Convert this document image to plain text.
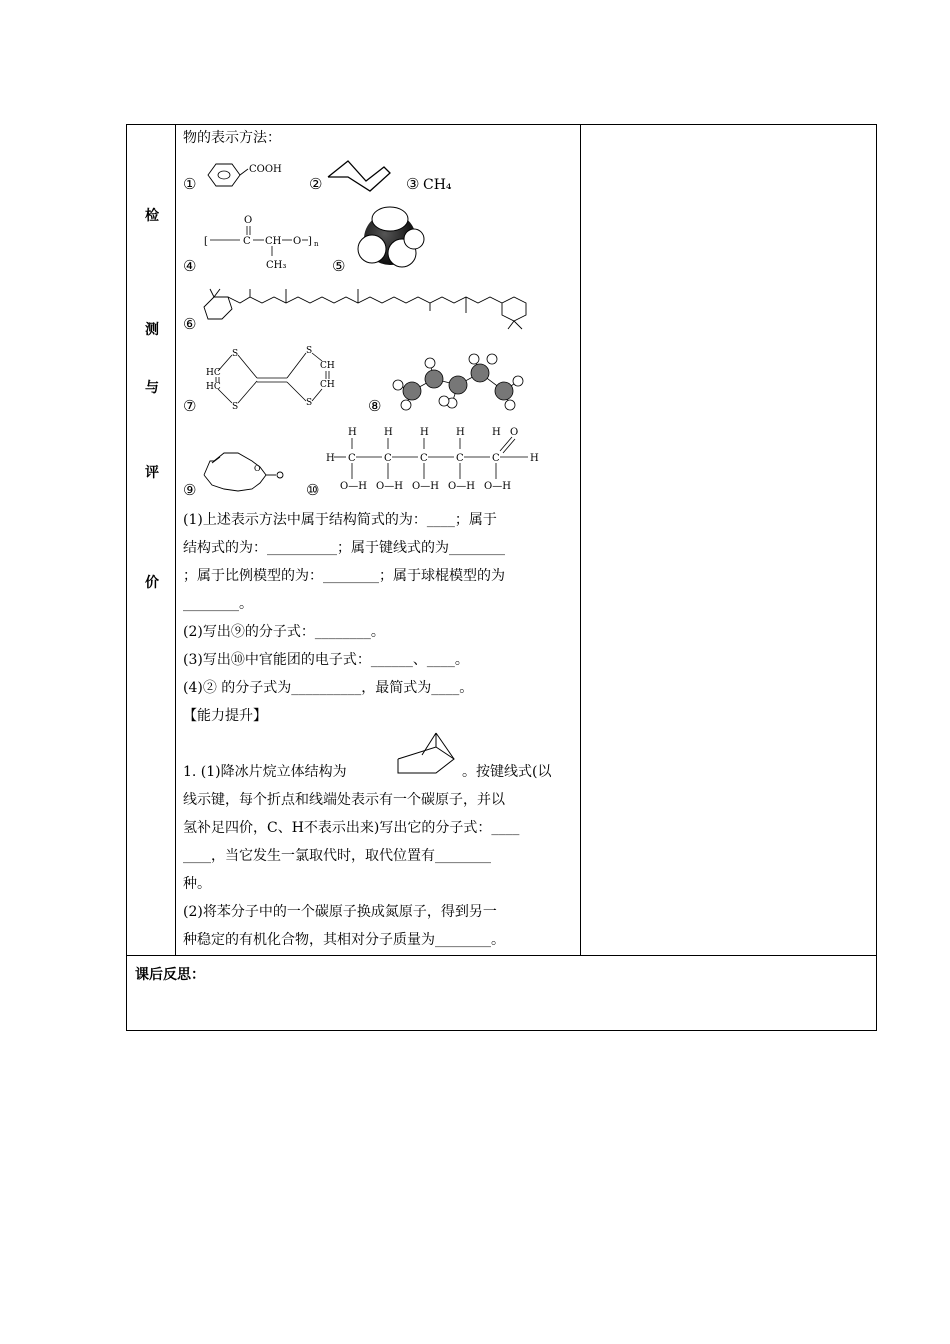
检
测
与
评
价
物的表示方法：
①
COOH
②	③ CH₄
④
O
[	C CH O ] n
CH₃	⑤
⑥
⑦
S
HC
HC
S
S
CH
CH
S	⑧
⑨
O
⑩
H	H	H	H	H O
H C	C	C	C	C	H
O—H O—H O—H O—H O—H
(1)上述表示方法中属于结构简式的为：____；属于
结构式的为：__________；属于键线式的为________
；属于比例模型的为：________；属于球棍模型的为
________。
(2)写出⑨的分子式：________。
(3)写出⑩中官能团的电子式：______、____。
(4)② 的分子式为__________，最简式为____。
【能力提升】
1. (1)降冰片烷立体结构为	。按键线式(以
线示键，每个折点和线端处表示有一个碳原子，并以
氢补足四价，C、H不表示出来)写出它的分子式：____
____，当它发生一氯取代时，取代位置有________
种。
(2)将苯分子中的一个碳原子换成氮原子，得到另一
种稳定的有机化合物，其相对分子质量为________。
课后反思：
